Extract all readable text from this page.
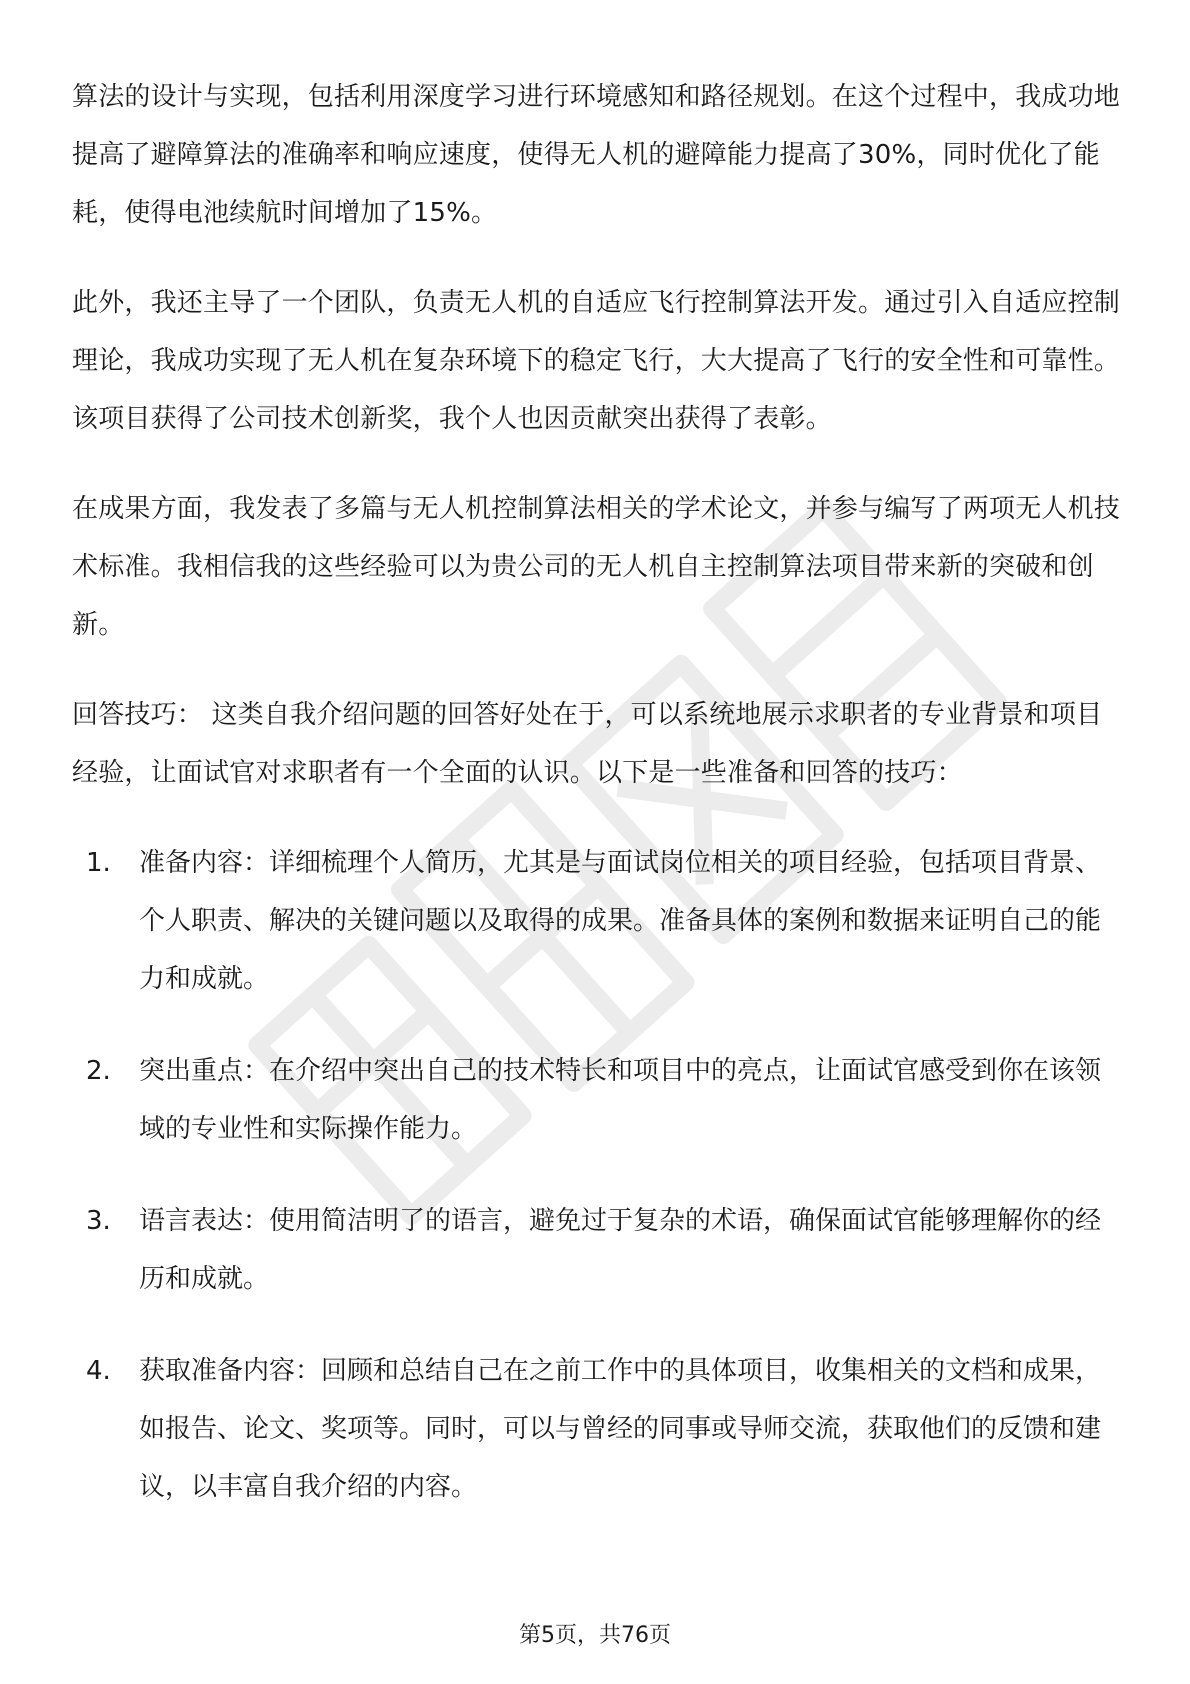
算法的设计与实现，包括利用深度学习进行环境感知和路径规划。在这个过程中，我成功地提高了避障算法的准确率和响应速度，使得无人机的避障能力提高了30%，同时优化了能耗，使得电池续航时间增加了15%。

此外，我还主导了一个团队，负责无人机的自适应飞行控制算法开发。通过引入自适应控制理论，我成功实现了无人机在复杂环境下的稳定飞行，大大提高了飞行的安全性和可靠性。该项目获得了公司技术创新奖，我个人也因贡献突出获得了表彰。

在成果方面，我发表了多篇与无人机控制算法相关的学术论文，并参与编写了两项无人机技术标准。我相信我的这些经验可以为贵公司的无人机自主控制算法项目带来新的突破和创新。

回答技巧： 这类自我介绍问题的回答好处在于，可以系统地展示求职者的专业背景和项目经验，让面试官对求职者有一个全面的认识。以下是一些准备和回答的技巧：

1. 准备内容：详细梳理个人简历，尤其是与面试岗位相关的项目经验，包括项目背景、个人职责、解决的关键问题以及取得的成果。准备具体的案例和数据来证明自己的能力和成就。
2. 突出重点：在介绍中突出自己的技术特长和项目中的亮点，让面试官感受到你在该领域的专业性和实际操作能力。
3. 语言表达：使用简洁明了的语言，避免过于复杂的术语，确保面试官能够理解你的经历和成就。
4. 获取准备内容：回顾和总结自己在之前工作中的具体项目，收集相关的文档和成果，如报告、论文、奖项等。同时，可以与曾经的同事或导师交流，获取他们的反馈和建议，以丰富自我介绍的内容。
第5页，共76页
